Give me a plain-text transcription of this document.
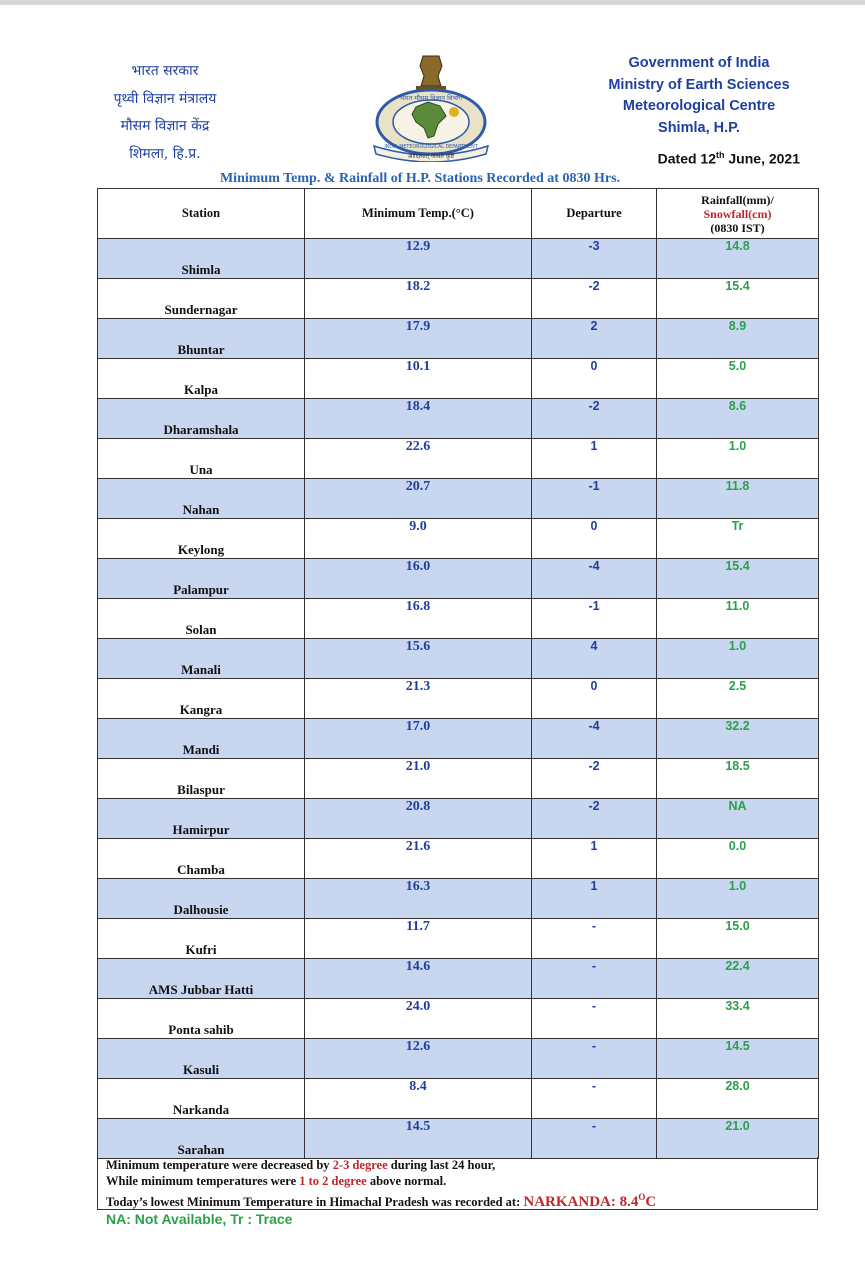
भारत सरकार
पृथ्वी विज्ञान मंत्रालय
मौसम विज्ञान केंद्र
शिमला, हि.प्र.
भारत मौसम विज्ञान विभाग
INDIA METEOROLOGICAL DEPARTMENT
आदित्यात् जायते वृष्टि
Government of India
Ministry of Earth Sciences
Meteorological Centre
Shimla, H.P.
Dated 12th June, 2021
Minimum Temp. & Rainfall of H.P. Stations Recorded at 0830 Hrs.
Station	Minimum Temp.(°C)	Departure	Rainfall(mm)/
Snowfall(cm)
(0830 IST)

Shimla	12.9	-3	14.8
Sundernagar	18.2	-2	15.4
Bhuntar	17.9	2	8.9
Kalpa	10.1	0	5.0
Dharamshala	18.4	-2	8.6
Una	22.6	1	1.0
Nahan	20.7	-1	11.8
Keylong	9.0	0	Tr
Palampur	16.0	-4	15.4
Solan	16.8	-1	11.0
Manali	15.6	4	1.0
Kangra	21.3	0	2.5
Mandi	17.0	-4	32.2
Bilaspur	21.0	-2	18.5
Hamirpur	20.8	-2	NA
Chamba	21.6	1	0.0
Dalhousie	16.3	1	1.0
Kufri	11.7	-	15.0
AMS Jubbar Hatti	14.6	-	22.4
Ponta sahib	24.0	-	33.4
Kasuli	12.6	-	14.5
Narkanda	8.4	-	28.0
Sarahan	14.5	-	21.0
Minimum temperature were decreased by 2-3 degree during last 24 hour,
While minimum temperatures were 1 to 2 degree above normal.
Today’s lowest Minimum Temperature in Himachal Pradesh was recorded at: NARKANDA: $8.4^OC$
NA: Not Available, Tr : Trace
